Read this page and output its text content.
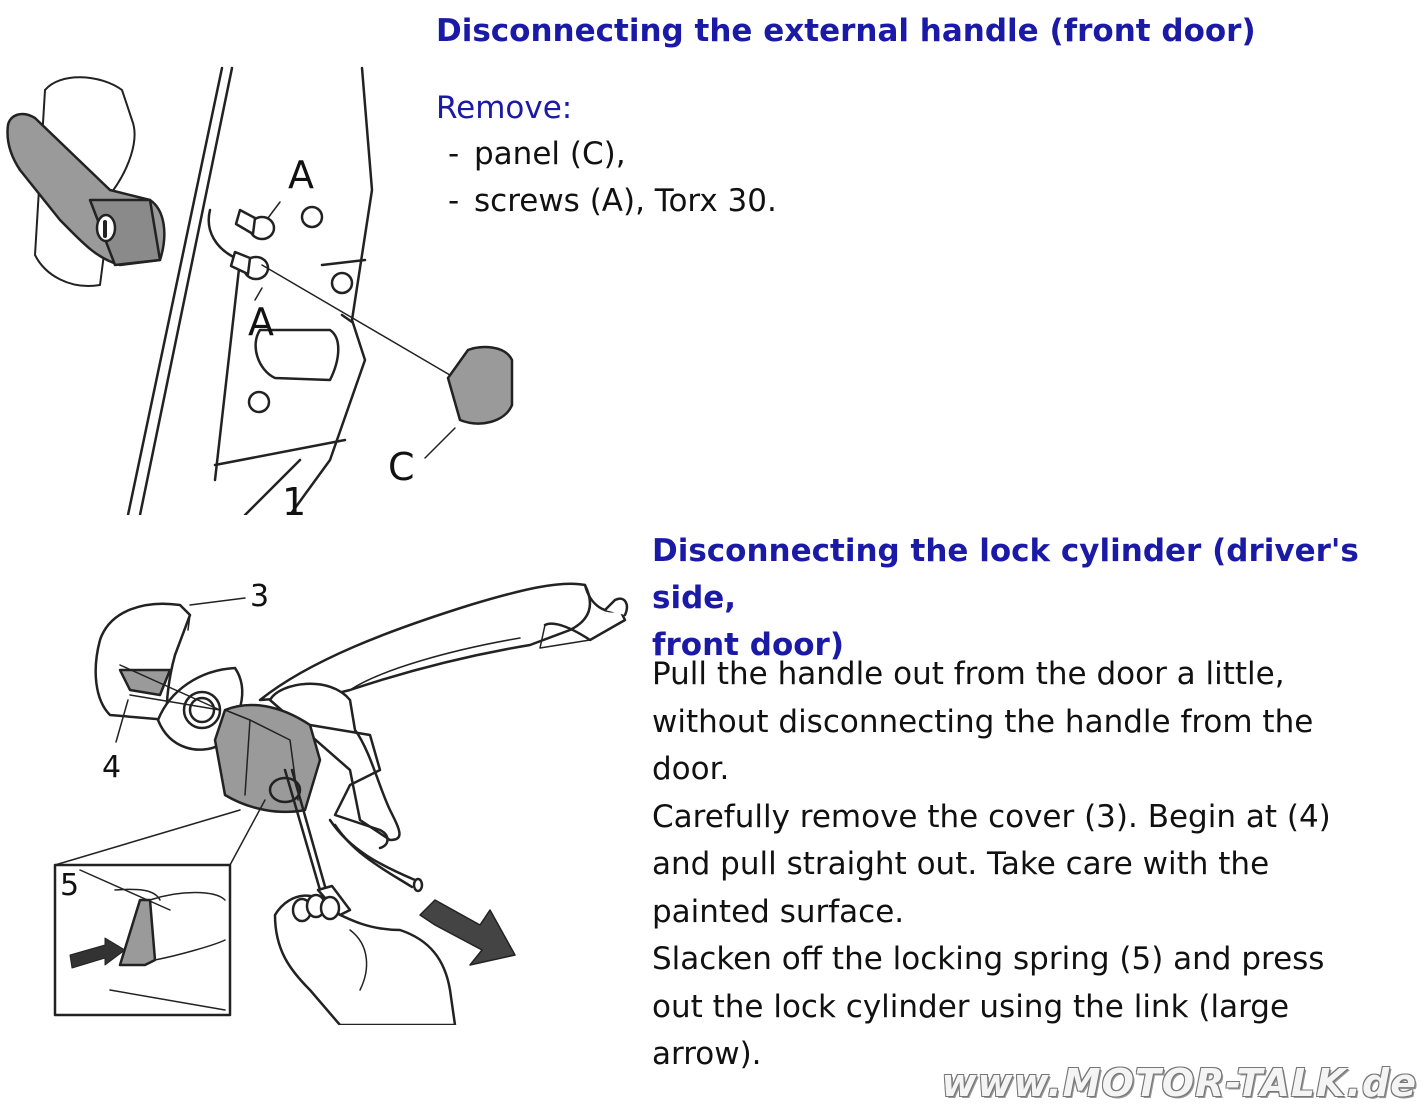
A
A
C
1
Disconnecting the external handle (front door)
Remove:
- panel (C),
- screws (A), Torx 30.
3
4
5
Disconnecting the lock cylinder (driver's side,
front door)
Pull the handle out from the door a little,
without disconnecting the handle from the
door.
Carefully remove the cover (3). Begin at (4)
and pull straight out. Take care with the
painted surface.
Slacken off the locking spring (5) and press
out the lock cylinder using the link (large
arrow).
www.MOTOR-TALK.de
